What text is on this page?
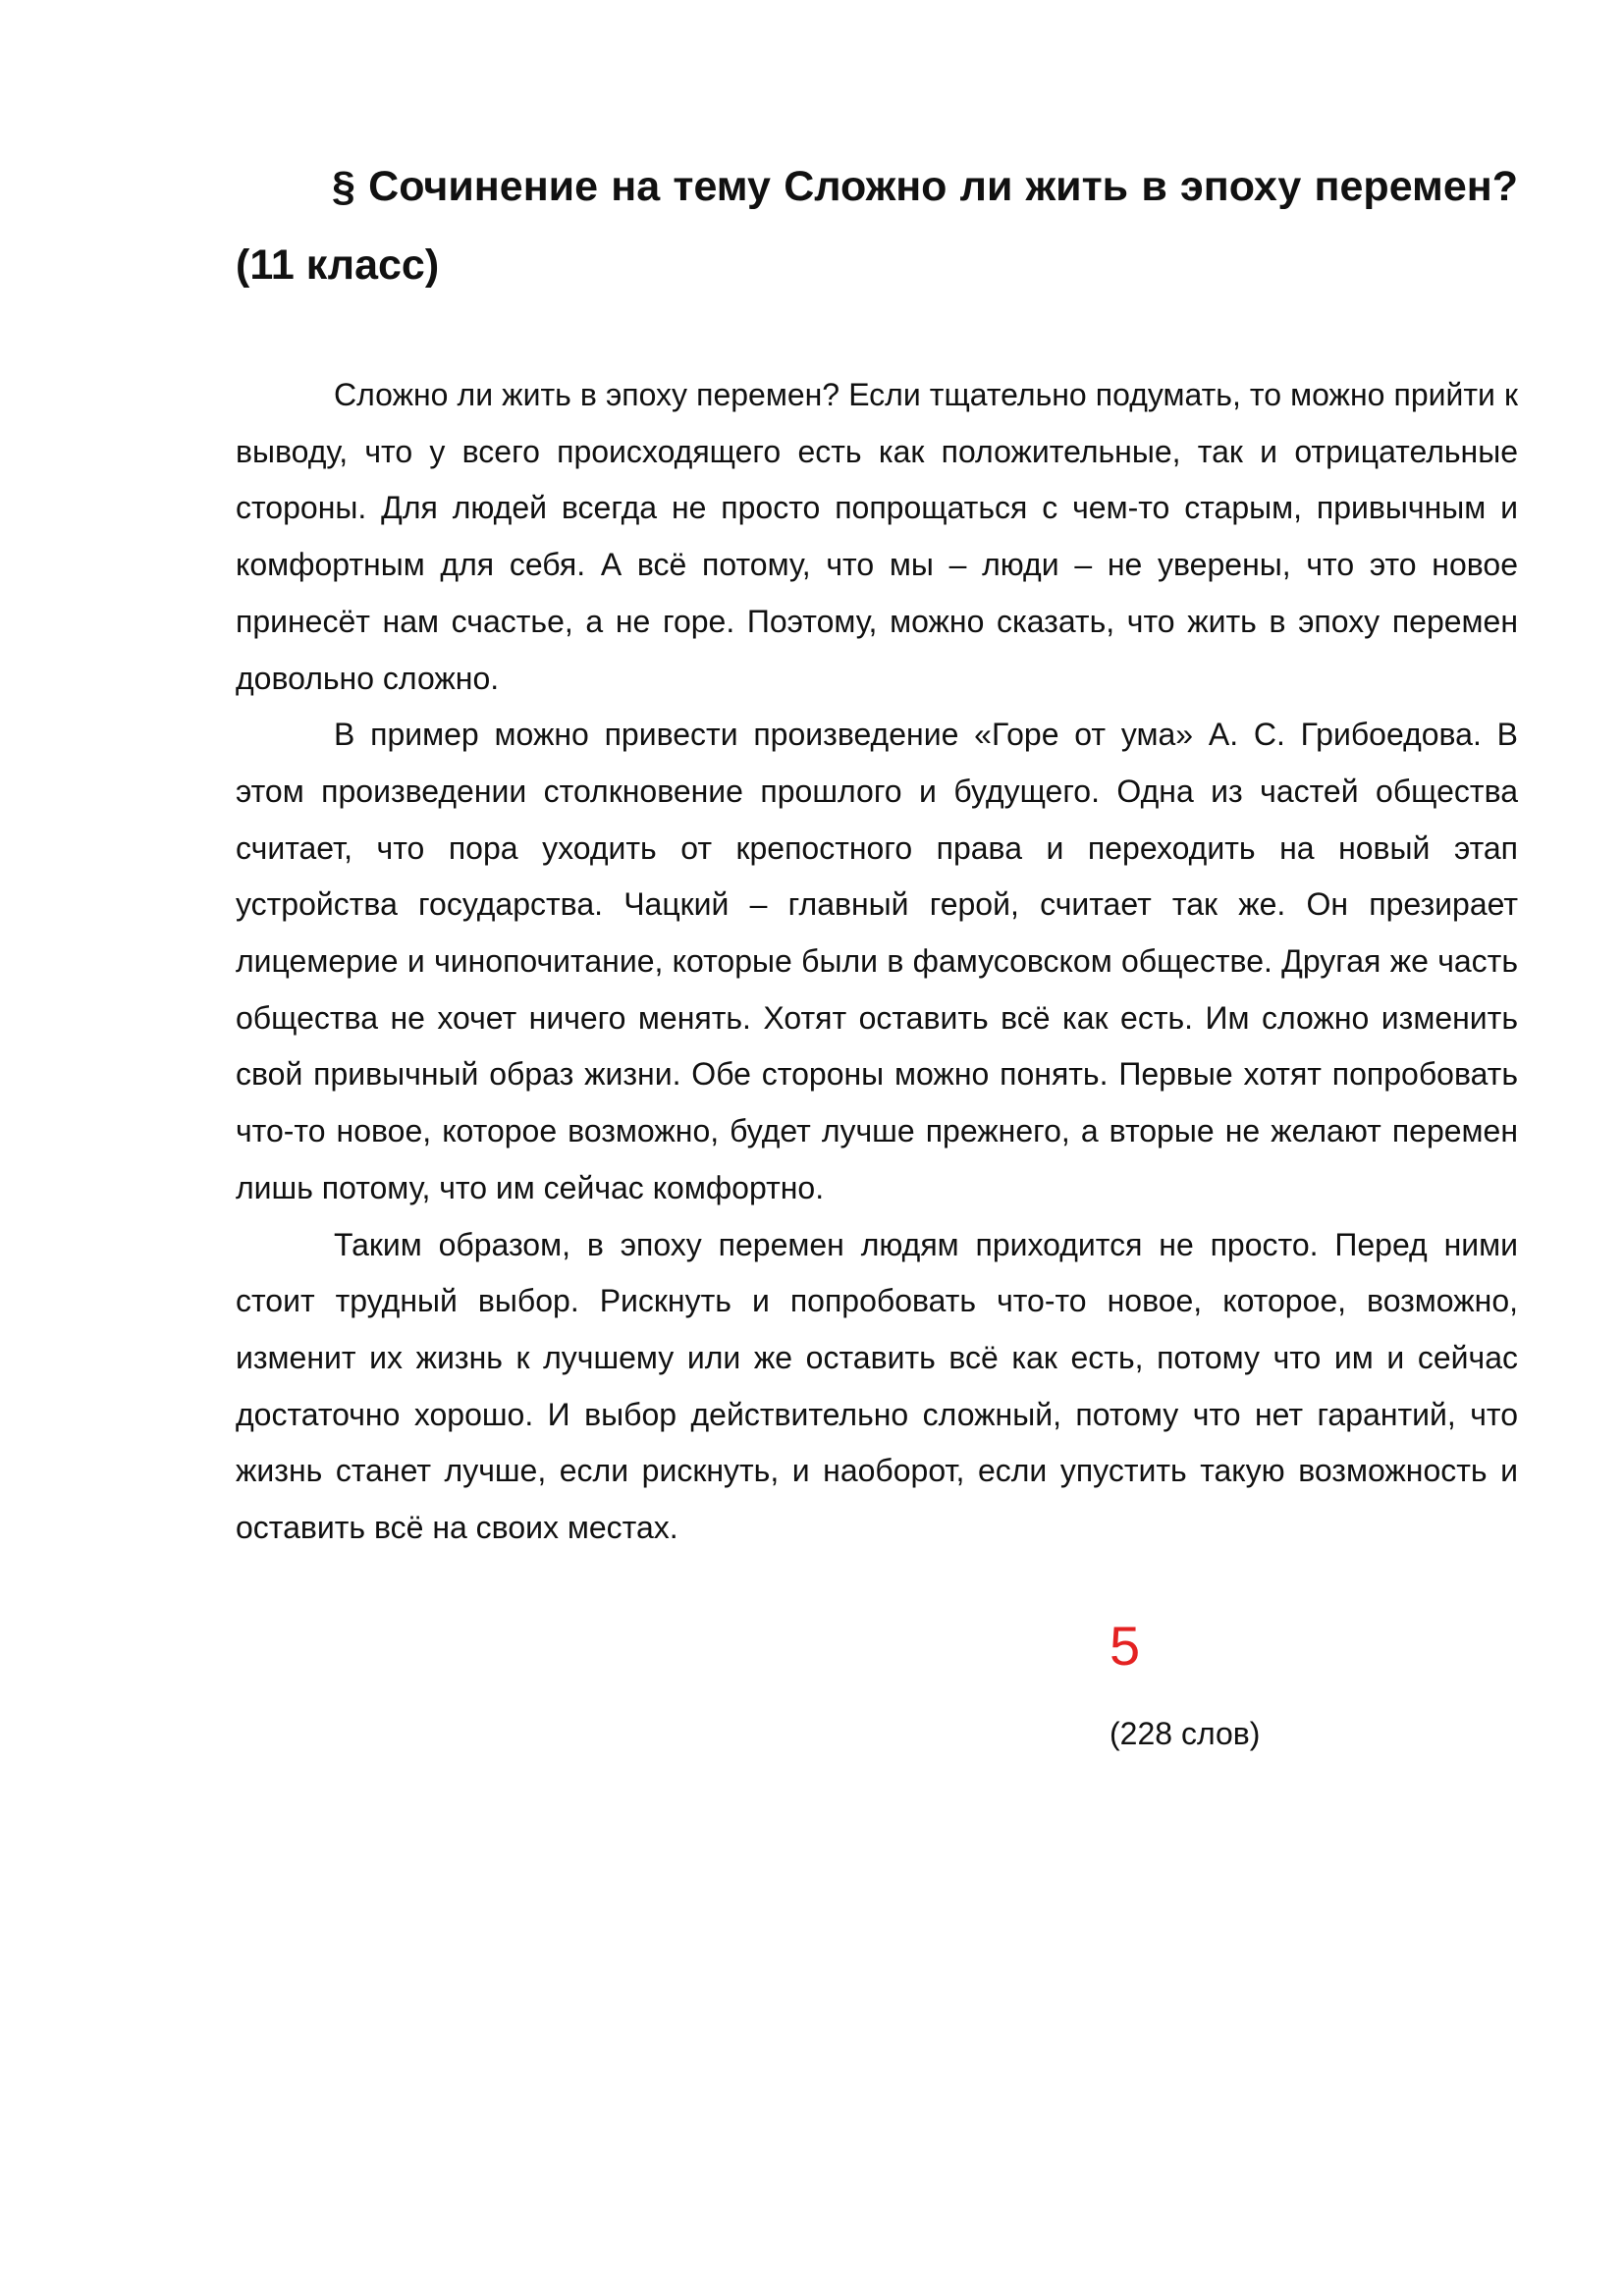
§ Сочинение на тему Сложно ли жить в эпоху перемен? (11 класс)

Сложно ли жить в эпоху перемен? Если тщательно подумать, то можно прийти к выводу, что у всего происходящего есть как положительные, так и отрицательные стороны. Для людей всегда не просто попрощаться с чем-то старым, привычным и комфортным для себя. А всё потому, что мы – люди – не уверены, что это новое принесёт нам счастье, а не горе. Поэтому, можно сказать, что жить в эпоху перемен довольно сложно.

В пример можно привести произведение «Горе от ума» А. С. Грибоедова. В этом произведении столкновение прошлого и будущего. Одна из частей общества считает, что пора уходить от крепостного права и переходить на новый этап устройства государства. Чацкий – главный герой, считает так же. Он презирает лицемерие и чинопочитание, которые были в фамусовском обществе. Другая же часть общества не хочет ничего менять. Хотят оставить всё как есть. Им сложно изменить свой привычный образ жизни. Обе стороны можно понять. Первые хотят попробовать что-то новое, которое возможно, будет лучше прежнего, а вторые не желают перемен лишь потому, что им сейчас комфортно.

Таким образом, в эпоху перемен людям приходится не просто. Перед ними стоит трудный выбор. Рискнуть и попробовать что-то новое, которое, возможно, изменит их жизнь к лучшему или же оставить всё как есть, потому что им и сейчас достаточно хорошо. И выбор действительно сложный, потому что нет гарантий, что жизнь станет лучше, если рискнуть, и наоборот, если упустить такую возможность и оставить всё на своих местах.

5
(228 слов)
